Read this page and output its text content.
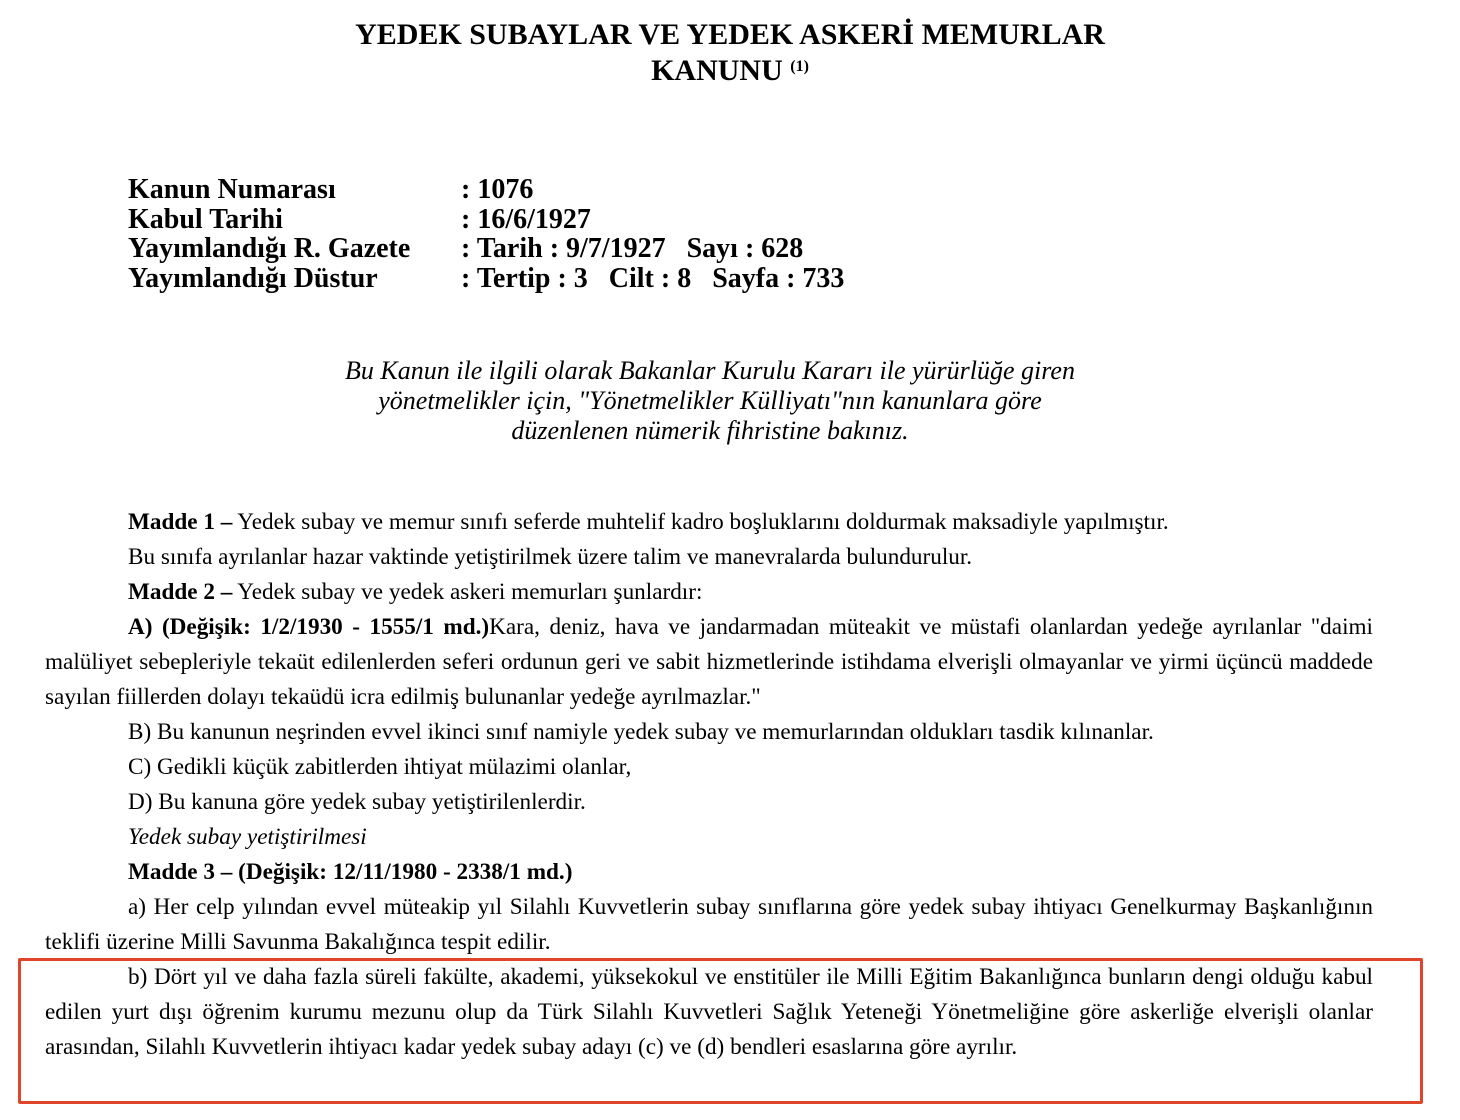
YEDEK SUBAYLAR VE YEDEK ASKERİ MEMURLAR
KANUNU $^{(1)}$
Kanun Numarası	: 1076
Kabul Tarihi	: 16/6/1927
Yayımlandığı R. Gazete : Tarih : 9/7/1927   Sayı : 628
Yayımlandığı Düstur	: Tertip : 3   Cilt : 8   Sayfa : 733
Bu Kanun ile ilgili olarak Bakanlar Kurulu Kararı ile yürürlüğe giren
yönetmelikler için, "Yönetmelikler Külliyatı"nın kanunlara göre
düzenlenen nümerik fihristine bakınız.

Madde 1 – Yedek subay ve memur sınıfı seferde muhtelif kadro boşluklarını doldurmak maksadiyle yapılmıştır.

Bu sınıfa ayrılanlar hazar vaktinde yetiştirilmek üzere talim ve manevralarda bulundurulur.

Madde 2 – Yedek subay ve yedek askeri memurları şunlardır:

A) (Değişik: 1/2/1930 - 1555/1 md.)Kara, deniz, hava ve jandarmadan müteakit ve müstafi olanlardan yedeğe ayrılanlar "daimi malüliyet sebepleriyle tekaüt edilenlerden seferi ordunun geri ve sabit hizmetlerinde istihdama elverişli olmayanlar ve yirmi üçüncü maddede sayılan fiillerden dolayı tekaüdü icra edilmiş bulunanlar yedeğe ayrılmazlar."

B) Bu kanunun neşrinden evvel ikinci sınıf namiyle yedek subay ve memurlarından oldukları tasdik kılınanlar.

C) Gedikli küçük zabitlerden ihtiyat mülazimi olanlar,

D) Bu kanuna göre yedek subay yetiştirilenlerdir.

Yedek subay yetiştirilmesi

Madde 3 – (Değişik: 12/11/1980 - 2338/1 md.)

a) Her celp yılından evvel müteakip yıl Silahlı Kuvvetlerin subay sınıflarına göre yedek subay ihtiyacı Genelkurmay Başkanlığının teklifi üzerine Milli Savunma Bakalığınca tespit edilir.

b) Dört yıl ve daha fazla süreli fakülte, akademi, yüksekokul ve enstitüler ile Milli Eğitim Bakanlığınca bunların dengi olduğu kabul edilen yurt dışı öğrenim kurumu mezunu olup da Türk Silahlı Kuvvetleri Sağlık Yeteneği Yönetmeliğine göre askerliğe elverişli olanlar arasından, Silahlı Kuvvetlerin ihtiyacı kadar yedek subay adayı (c) ve (d) bendleri esaslarına göre ayrılır.
